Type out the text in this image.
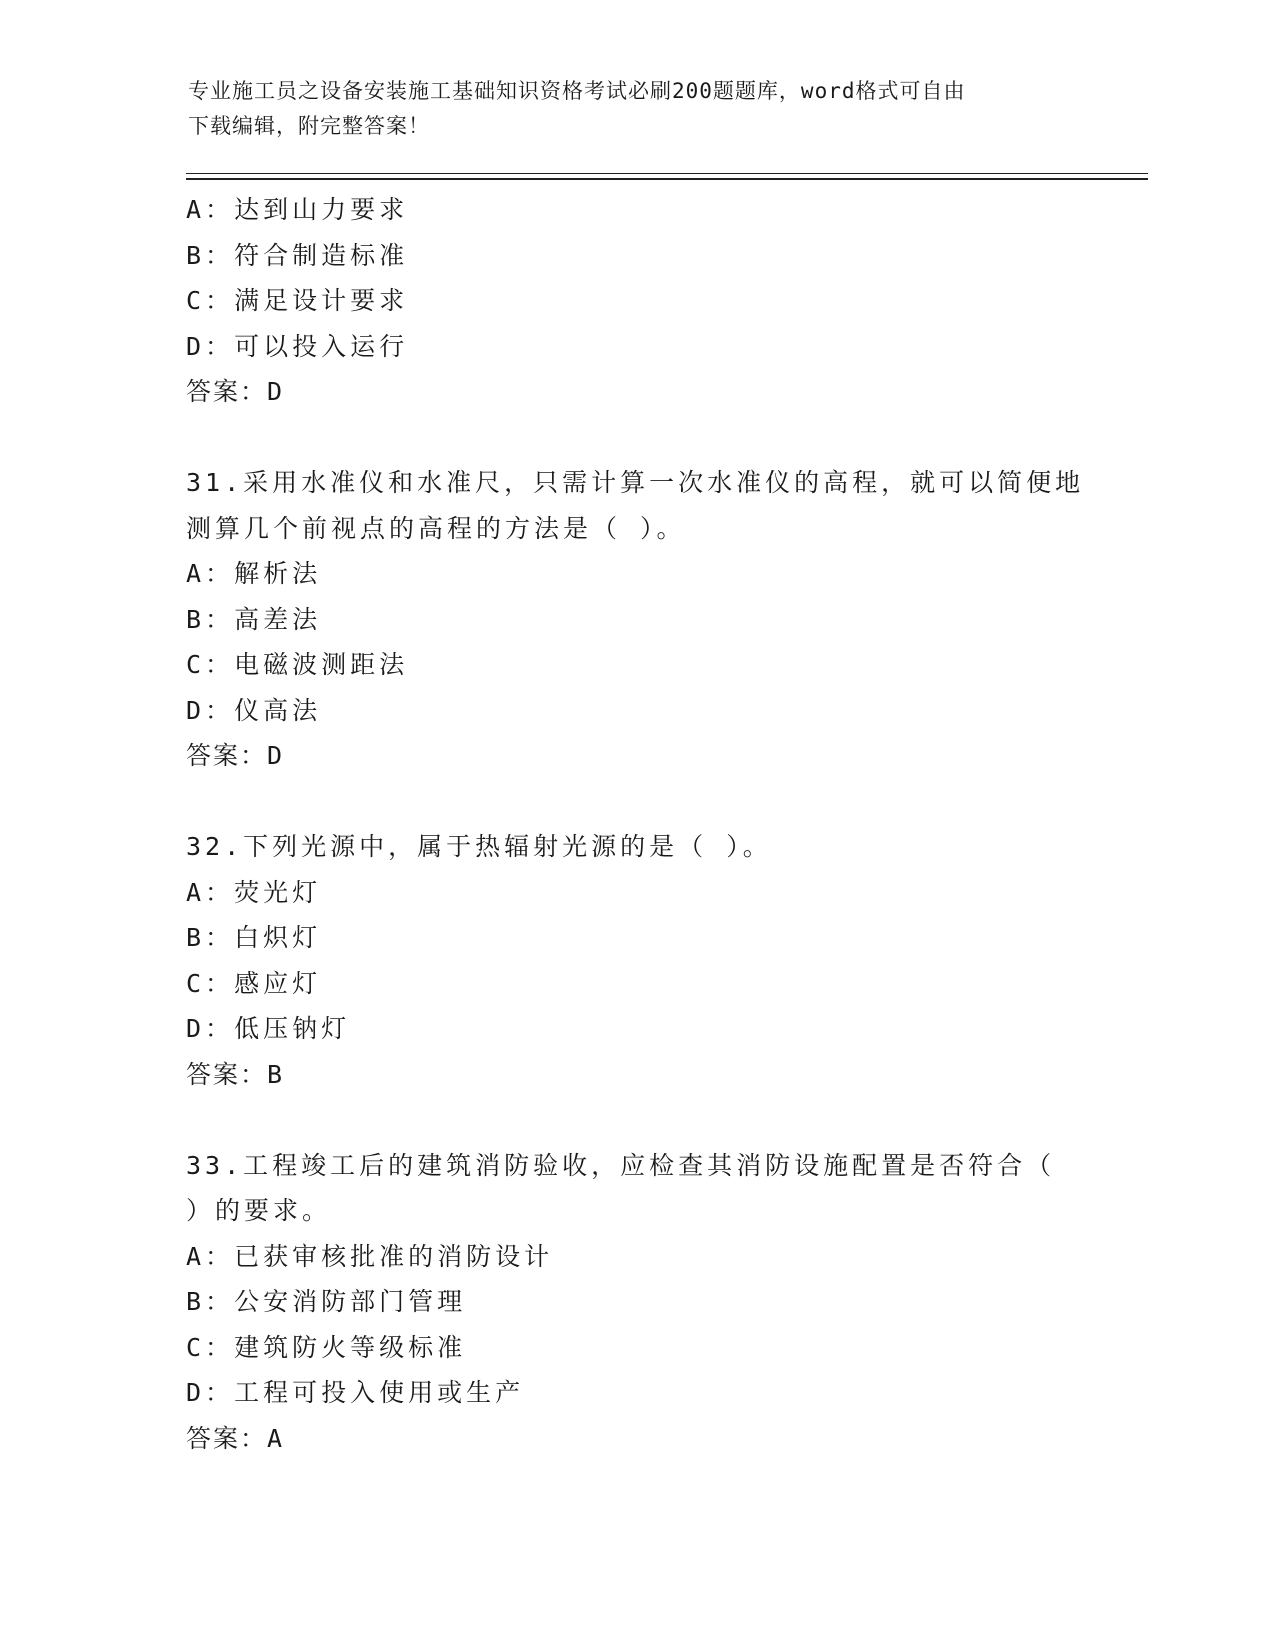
专业施工员之设备安装施工基础知识资格考试必刷200题题库，word格式可自由
下载编辑，附完整答案！

A：达到山力要求

B：符合制造标准

C：满足设计要求

D：可以投入运行

答案：D

31.采用水准仪和水准尺，只需计算一次水准仪的高程，就可以简便地

测算几个前视点的高程的方法是（ ）。

A：解析法

B：高差法

C：电磁波测距法

D：仪高法

答案：D

32.下列光源中，属于热辐射光源的是（ ）。

A：荧光灯

B：白炽灯

C：感应灯

D：低压钠灯

答案：B

33.工程竣工后的建筑消防验收，应检查其消防设施配置是否符合（

）的要求。

A：已获审核批准的消防设计

B：公安消防部门管理

C：建筑防火等级标准

D：工程可投入使用或生产

答案：A
